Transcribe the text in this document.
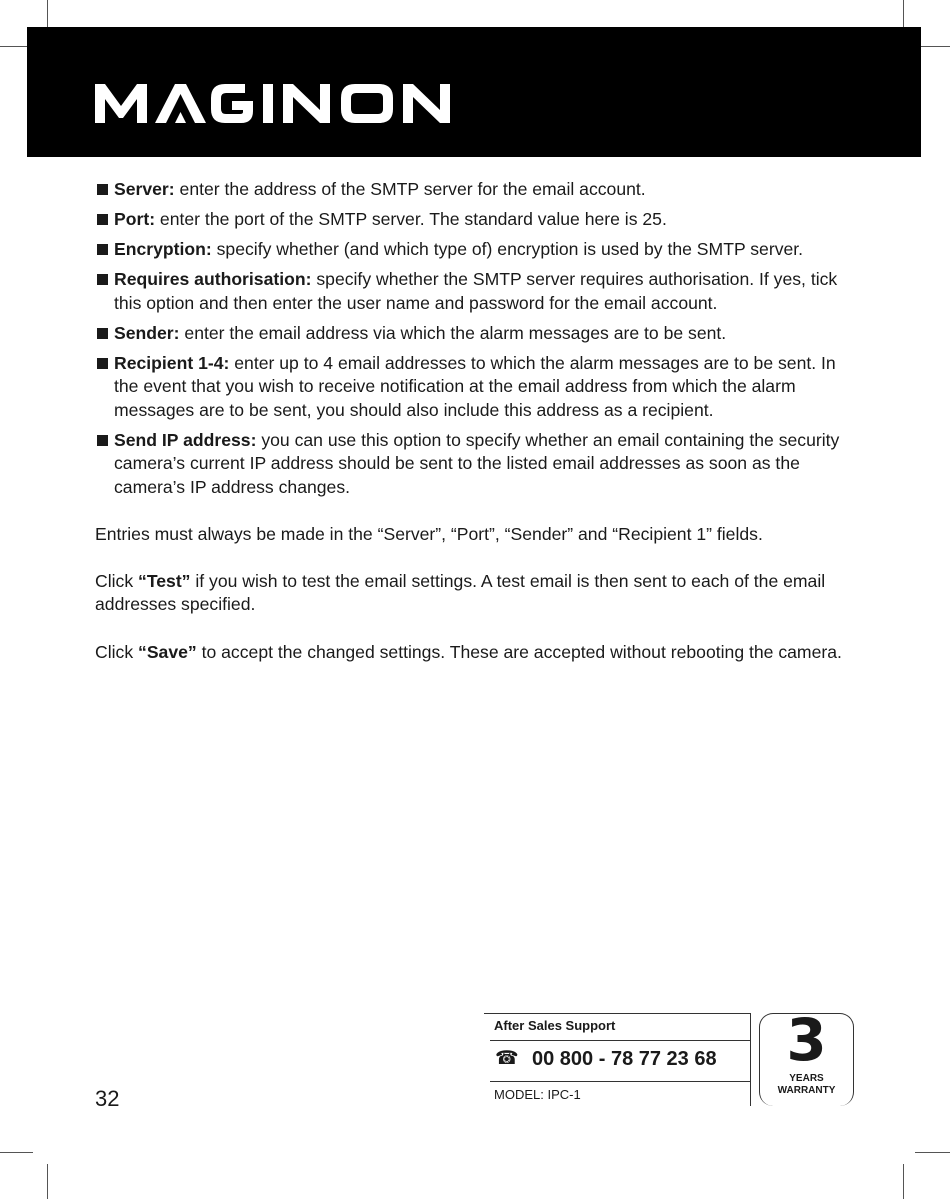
Server: enter the address of the SMTP server for the email account.
Port: enter the port of the SMTP server. The standard value here is 25.
Encryption: specify whether (and which type of) encryption is used by the SMTP server.
Requires authorisation: specify whether the SMTP server requires authorisation. If yes, tick this option and then enter the user name and password for the email account.
Sender: enter the email address via which the alarm messages are to be sent.
Recipient 1-4: enter up to 4 email addresses to which the alarm messages are to be sent. In the event that you wish to receive notification at the email address from which the alarm messages are to be sent, you should also include this address as a recipient.
Send IP address: you can use this option to specify whether an email containing the security camera’s current IP address should be sent to the listed email addresses as soon as the camera’s IP address changes.

Entries must always be made in the “Server”, “Port”, “Sender” and “Recipient 1” fields.

Click “Test” if you wish to test the email settings. A test email is then sent to each of the email addresses specified.

Click “Save” to accept the changed settings. These are accepted without rebooting the camera.

32
After Sales Support
☎ 00 800 - 78 77 23 68
MODEL: IPC-1
3
YEARS
WARRANTY
